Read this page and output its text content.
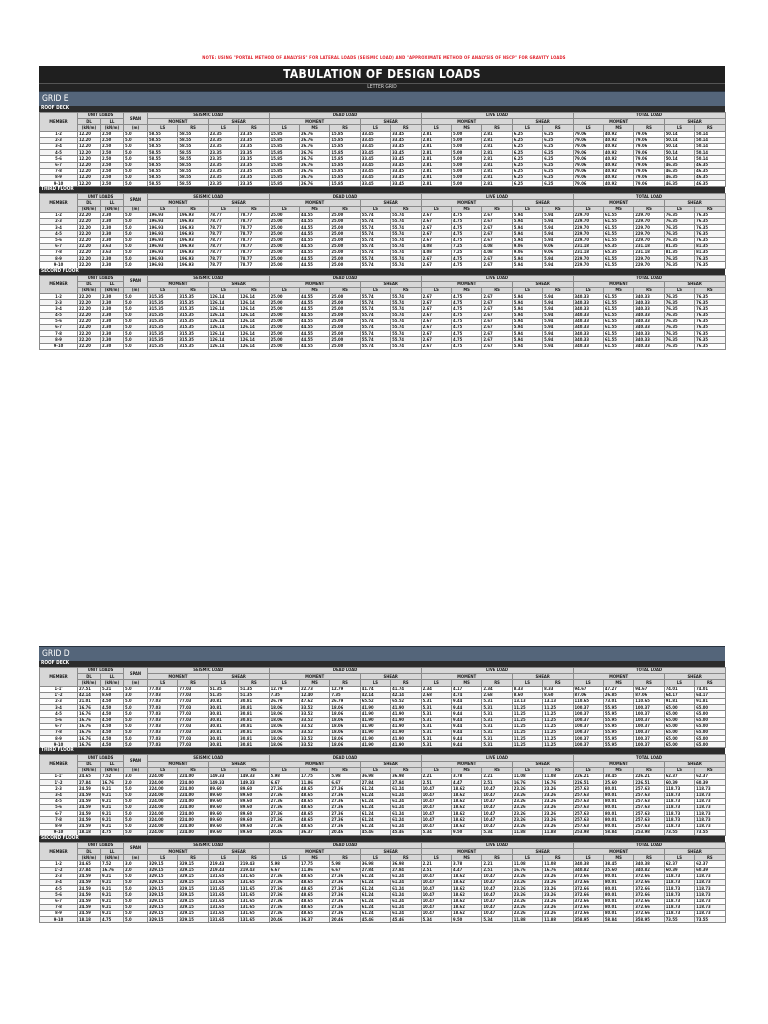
NOTE: USING "PORTAL METHOD OF ANALYSIS" FOR LATERAL LOADS (SEISMIC LOAD) AND "APPROXIMATE METHOD OF ANALYSIS OF NSCP" FOR GRAVITY LOADS
TABULATION OF DESIGN LOADS
LETTER GRID
GRID E
ROOF DECK
MEMBER	UNIT LOADS		SPAN	SEISMIC LOAD				DEAD LOAD					LIVE LOAD					TOTAL LOAD				
	DL	LL		MOMENT		SHEAR		MOMENT			SHEAR		MOMENT			SHEAR		MOMENT			SHEAR	
	(kN/m)	(kN/m)	(m)	LS	RS	LS	RS	LS	MS	RS	LS	RS	LS	MS	RS	LS	RS	LS	MS	RS	LS	RS
1-2	12.20	2.50	5.0	58.55	58.55	23.35	23.35	15.85	26.76	15.85	33.45	33.45	2.81	5.00	2.81	6.25	6.25	79.06	40.92	79.06	50.14	50.14
2-3	12.20	2.50	5.0	58.55	58.55	23.35	23.35	15.85	26.76	15.85	33.45	33.45	2.81	5.00	2.81	6.25	6.25	79.06	40.92	79.06	50.14	50.14
3-4	12.20	2.50	5.0	58.55	58.55	23.35	23.35	15.85	26.76	15.85	33.45	33.45	2.81	5.00	2.81	6.25	6.25	79.06	40.92	79.06	50.14	50.14
4-5	12.20	2.50	5.0	58.55	58.55	23.35	23.35	15.85	26.76	15.85	33.45	33.45	2.81	5.00	2.81	6.25	6.25	79.06	40.92	79.06	50.14	50.14
5-6	12.20	2.50	5.0	58.55	58.55	23.35	23.35	15.85	26.76	15.85	33.45	33.45	2.81	5.00	2.81	6.25	6.25	79.06	40.92	79.06	50.14	50.14
6-7	12.20	2.50	5.0	58.55	58.55	23.35	23.35	15.85	26.76	15.85	33.45	33.45	2.81	5.00	2.81	6.25	6.25	79.06	40.92	79.06	46.35	46.35
7-8	12.20	2.50	5.0	58.55	58.55	23.35	23.35	15.85	26.76	15.85	33.45	33.45	2.81	5.00	2.81	6.25	6.25	79.06	40.92	79.06	46.35	46.35
8-9	12.20	2.50	5.0	58.55	58.55	23.35	23.35	15.85	26.76	15.85	33.45	33.45	2.81	5.00	2.81	6.25	6.25	79.06	40.92	79.06	46.35	46.35
9-10	12.20	2.50	5.0	58.55	58.55	23.35	23.35	15.85	26.76	15.85	33.45	33.45	2.81	5.00	2.81	6.25	6.25	79.06	40.92	79.06	46.35	46.35
THIRD FLOOR
MEMBER	UNIT LOADS		SPAN	SEISMIC LOAD				DEAD LOAD					LIVE LOAD					TOTAL LOAD				
	DL	LL		MOMENT		SHEAR		MOMENT			SHEAR		MOMENT			SHEAR		MOMENT			SHEAR	
	(kN/m)	(kN/m)	(m)	LS	RS	LS	RS	LS	MS	RS	LS	RS	LS	MS	RS	LS	RS	LS	MS	RS	LS	RS
1-2	22.20	2.30	5.0	196.93	196.93	78.77	78.77	25.00	44.55	25.00	55.74	55.74	2.67	4.75	2.67	5.94	5.94	229.70	61.55	229.70	76.35	76.35
2-3	22.20	2.30	5.0	196.93	196.93	78.77	78.77	25.00	44.55	25.00	55.74	55.74	2.67	4.75	2.67	5.94	5.94	229.70	61.55	229.70	76.35	76.35
3-4	22.20	2.30	5.0	196.93	196.93	78.77	78.77	25.00	44.55	25.00	55.74	55.74	2.67	4.75	2.67	5.94	5.94	229.70	61.55	229.70	76.35	76.35
4-5	22.20	2.30	5.0	196.93	196.93	78.77	78.77	25.00	44.55	25.00	55.74	55.74	2.67	4.75	2.67	5.94	5.94	229.70	61.55	229.70	76.35	76.35
5-6	22.20	2.30	5.0	196.93	196.93	78.77	78.77	25.00	44.55	25.00	55.74	55.74	2.67	4.75	2.67	5.94	5.94	229.70	61.55	229.70	76.35	76.35
6-7	22.20	3.63	5.0	196.93	196.93	78.77	78.77	25.00	44.55	25.00	55.74	55.74	4.08	7.25	4.08	9.06	9.06	231.18	65.35	231.18	81.35	81.35
7-8	22.20	3.63	5.0	196.93	196.93	78.77	78.77	25.00	44.55	25.00	55.74	55.74	4.08	7.25	4.08	9.06	9.06	231.18	65.35	231.18	81.35	81.35
8-9	22.20	2.30	5.0	196.93	196.93	78.77	78.77	25.00	44.55	25.00	55.74	55.74	2.67	4.75	2.67	5.94	5.94	229.70	61.55	229.70	76.35	76.35
9-10	22.20	2.30	5.0	196.93	196.93	78.77	78.77	25.00	44.55	25.00	55.74	55.74	2.67	4.75	2.67	5.94	5.94	229.70	61.55	229.70	76.35	76.35
SECOND FLOOR
MEMBER	UNIT LOADS		SPAN	SEISMIC LOAD				DEAD LOAD					LIVE LOAD					TOTAL LOAD				
	DL	LL		MOMENT		SHEAR		MOMENT			SHEAR		MOMENT			SHEAR		MOMENT			SHEAR	
	(kN/m)	(kN/m)	(m)	LS	RS	LS	RS	LS	MS	RS	LS	RS	LS	MS	RS	LS	RS	LS	MS	RS	LS	RS
1-2	22.20	2.30	5.0	315.35	315.35	126.14	126.14	25.00	44.55	25.00	55.74	55.74	2.67	4.75	2.67	5.94	5.94	340.33	61.55	340.33	76.35	76.35
2-3	22.20	2.30	5.0	315.35	315.35	126.14	126.14	25.00	44.55	25.00	55.74	55.74	2.67	4.75	2.67	5.94	5.94	340.33	61.55	340.33	76.35	76.35
3-4	22.20	2.30	5.0	315.35	315.35	126.14	126.14	25.00	44.55	25.00	55.74	55.74	2.67	4.75	2.67	5.94	5.94	340.33	61.55	340.33	76.35	76.35
4-5	22.20	2.30	5.0	315.35	315.35	126.14	126.14	25.00	44.55	25.00	55.74	55.74	2.67	4.75	2.67	5.94	5.94	340.33	61.55	340.33	76.35	76.35
5-6	22.20	2.30	5.0	315.35	315.35	126.14	126.14	25.00	44.55	25.00	55.74	55.74	2.67	4.75	2.67	5.94	5.94	340.33	61.55	340.33	76.35	76.35
6-7	22.20	2.30	5.0	315.35	315.35	126.14	126.14	25.00	44.55	25.00	55.74	55.74	2.67	4.75	2.67	5.94	5.94	340.33	61.55	340.33	76.35	76.35
7-8	22.20	2.30	5.0	315.35	315.35	126.14	126.14	25.00	44.55	25.00	55.74	55.74	2.67	4.75	2.67	5.94	5.94	340.33	61.55	340.33	76.35	76.35
8-9	22.20	2.30	5.0	315.35	315.35	126.14	126.14	25.00	44.55	25.00	55.74	55.74	2.67	4.75	2.67	5.94	5.94	340.33	61.55	340.33	76.35	76.35
9-10	22.20	2.30	5.0	315.35	315.35	126.14	126.14	25.00	44.55	25.00	55.74	55.74	2.67	4.75	2.67	5.94	5.94	340.33	61.55	340.33	76.35	76.35
GRID D
ROOF DECK
MEMBER	UNIT LOADS		SPAN	SEISMIC LOAD				DEAD LOAD					LIVE LOAD					TOTAL LOAD				
	DL	LL		MOMENT		SHEAR		MOMENT			SHEAR		MOMENT			SHEAR		MOMENT			SHEAR	
	(kN/m)	(kN/m)	(m)	LS	RS	LS	RS	LS	MS	RS	LS	RS	LS	MS	RS	LS	RS	LS	MS	RS	LS	RS
1-1'	27.51	5.21	5.0	77.03	77.03	51.35	51.35	12.79	22.73	12.79	41.74	41.74	2.34	4.17	2.34	8.33	8.33	94.67	47.27	94.67	74.01	74.01
1'-2	42.14	8.60	3.0	77.03	77.03	51.35	51.35	7.35	12.40	7.35	42.14	42.14	2.68	4.74	2.68	8.60	8.60	87.06	26.85	87.06	64.17	64.17
2-3	21.01	4.50	5.0	77.03	77.03	30.81	30.81	26.79	47.62	26.79	65.52	65.52	5.31	9.44	5.31	13.13	13.13	110.65	73.01	110.65	91.81	91.81
3-4	16.76	4.50	5.0	77.03	77.03	30.81	30.81	18.06	33.52	18.06	41.90	41.90	5.31	9.44	5.31	11.25	11.25	100.37	55.95	100.37	65.00	65.00
4-5	16.76	4.50	5.0	77.03	77.03	30.81	30.81	18.06	33.52	18.06	41.90	41.90	5.31	9.44	5.31	11.25	11.25	100.37	55.95	100.37	65.00	65.00
5-6	16.76	4.50	5.0	77.03	77.03	30.81	30.81	18.06	33.52	18.06	41.90	41.90	5.31	9.44	5.31	11.25	11.25	100.37	55.95	100.37	65.00	65.00
6-7	16.76	4.50	5.0	77.03	77.03	30.81	30.81	18.06	33.52	18.06	41.90	41.90	5.31	9.44	5.31	11.25	11.25	100.37	55.95	100.37	65.00	65.00
7-8	16.76	4.50	5.0	77.03	77.03	30.81	30.81	18.06	33.52	18.06	41.90	41.90	5.31	9.44	5.31	11.25	11.25	100.37	55.95	100.37	65.00	65.00
8-9	16.76	4.50	5.0	77.03	77.03	30.81	30.81	18.06	33.52	18.06	41.90	41.90	5.31	9.44	5.31	11.25	11.25	100.37	55.95	100.37	65.00	65.00
9-10	16.76	4.50	5.0	77.03	77.03	30.81	30.81	18.06	33.52	18.06	41.90	41.90	5.31	9.44	5.31	11.25	11.25	100.37	55.95	100.37	65.00	65.00
THIRD FLOOR
MEMBER	UNIT LOADS		SPAN	SEISMIC LOAD				DEAD LOAD					LIVE LOAD					TOTAL LOAD				
	DL	LL		MOMENT		SHEAR		MOMENT			SHEAR		MOMENT			SHEAR		MOMENT			SHEAR	
	(kN/m)	(kN/m)	(m)	LS	RS	LS	RS	LS	MS	RS	LS	RS	LS	MS	RS	LS	RS	LS	MS	RS	LS	RS
1-1'	24.65	7.52	3.0	224.00	224.00	149.33	149.33	5.98	17.75	5.98	36.98	36.98	2.21	3.78	2.21	11.08	11.08	226.21	38.45	226.21	62.37	62.37
1'-2	27.84	16.76	2.0	224.00	224.00	149.33	149.33	6.67	11.86	6.67	27.84	27.84	2.51	4.47	2.51	16.76	16.76	226.51	25.60	226.51	60.39	60.39
2-3	24.59	9.21	5.0	224.00	224.00	89.60	89.60	27.36	48.65	27.36	61.24	61.24	10.47	18.62	10.47	23.26	23.26	257.63	80.01	257.63	118.73	118.73
3-4	24.59	9.21	5.0	224.00	224.00	89.60	89.60	27.36	48.65	27.36	61.24	61.24	10.47	18.62	10.47	23.26	23.26	257.63	80.01	257.63	118.73	118.73
4-5	24.59	9.21	5.0	224.00	224.00	89.60	89.60	27.36	48.65	27.36	61.24	61.24	10.47	18.62	10.47	23.26	23.26	257.63	80.01	257.63	118.73	118.73
5-6	24.59	9.21	5.0	224.00	224.00	89.60	89.60	27.36	48.65	27.36	61.24	61.24	10.47	18.62	10.47	23.26	23.26	257.63	80.01	257.63	118.73	118.73
6-7	24.59	9.21	5.0	224.00	224.00	89.60	89.60	27.36	48.65	27.36	61.24	61.24	10.47	18.62	10.47	23.26	23.26	257.63	80.01	257.63	118.73	118.73
7-8	24.59	9.21	5.0	224.00	224.00	89.60	89.60	27.36	48.65	27.36	61.24	61.24	10.47	18.62	10.47	23.26	23.26	257.63	80.01	257.63	118.73	118.73
8-9	24.59	9.21	5.0	224.00	224.00	89.60	89.60	27.36	48.65	27.36	61.24	61.24	10.47	18.62	10.47	23.26	23.26	257.63	80.01	257.63	118.73	118.73
9-10	18.18	4.75	5.0	224.00	224.00	89.60	89.60	20.46	36.37	20.46	45.46	45.46	5.34	9.50	5.34	11.88	11.88	253.98	58.84	253.98	73.55	73.55
SECOND FLOOR
MEMBER	UNIT LOADS		SPAN	SEISMIC LOAD				DEAD LOAD					LIVE LOAD					TOTAL LOAD				
	DL	LL		MOMENT		SHEAR		MOMENT			SHEAR		MOMENT			SHEAR		MOMENT			SHEAR	
	(kN/m)	(kN/m)	(m)	LS	RS	LS	RS	LS	MS	RS	LS	RS	LS	MS	RS	LS	RS	LS	MS	RS	LS	RS
1-2	24.65	7.52	3.0	329.15	329.15	219.43	219.43	5.98	17.75	5.98	36.98	36.98	2.21	3.78	2.21	11.08	11.08	340.38	38.45	340.38	62.37	62.37
1'-2	27.84	16.76	2.0	329.15	329.15	219.43	219.43	6.67	11.86	6.67	27.84	27.84	2.51	4.47	2.51	16.76	16.76	340.82	25.60	340.82	60.39	60.39
2-3	24.59	9.21	5.0	329.15	329.15	131.65	131.65	27.36	48.65	27.36	61.24	61.24	10.47	18.62	10.47	23.26	23.26	372.66	80.01	372.66	118.73	118.73
3-4	24.59	9.21	5.0	329.15	329.15	131.65	131.65	27.36	48.65	27.36	61.24	61.24	10.47	18.62	10.47	23.26	23.26	372.66	80.01	372.66	118.73	118.73
4-5	24.59	9.21	5.0	329.15	329.15	131.65	131.65	27.36	48.65	27.36	61.24	61.24	10.47	18.62	10.47	23.26	23.26	372.66	80.01	372.66	118.73	118.73
5-6	24.59	9.21	5.0	329.15	329.15	131.65	131.65	27.36	48.65	27.36	61.24	61.24	10.47	18.62	10.47	23.26	23.26	372.66	80.01	372.66	118.73	118.73
6-7	24.59	9.21	5.0	329.15	329.15	131.65	131.65	27.36	48.65	27.36	61.24	61.24	10.47	18.62	10.47	23.26	23.26	372.66	80.01	372.66	118.73	118.73
7-8	24.59	9.21	5.0	329.15	329.15	131.65	131.65	27.36	48.65	27.36	61.24	61.24	10.47	18.62	10.47	23.26	23.26	372.66	80.01	372.66	118.73	118.73
8-9	24.59	9.21	5.0	329.15	329.15	131.65	131.65	27.36	48.65	27.36	61.24	61.24	10.47	18.62	10.47	23.26	23.26	372.66	80.01	372.66	118.73	118.73
9-10	18.18	4.75	5.0	329.15	329.15	131.65	131.65	20.46	36.37	20.46	45.46	45.46	5.34	9.50	5.34	11.88	11.88	358.95	58.84	358.95	73.55	73.55
